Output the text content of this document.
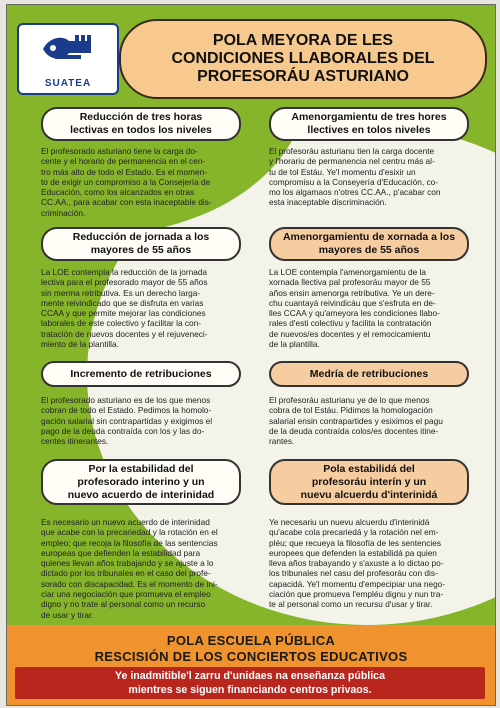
SUATEA
POLA MEYORA DE LES
CONDICIONES LLABORALES DEL
PROFESORÁU ASTURIANO
Reducción de tres horas
lectivas en todos los niveles
Amenorgamientu de tres hores
llectives en tolos niveles
El profesorado asturiano tiene la carga do-
cente y el horario de permanencia en el cen-
tro más alto de todo el Estado. Es el momen-
to de exigir un compromiso a la Consejería de
Educación, como los alcanzados en otras
CC.AA., para acabar con esta inaceptable dis-
criminación.
El profesoráu asturianu tien la carga docente
y l'horariu de permanencia nel centru más al-
tu de tol Estáu. Ye'l momentu d'esixir un
compromisu a la Conseyería d'Educación, co-
mo los algamaos n'otres CC.AA., p'acabar con
esta inaceptable discriminación.
Reducción de jornada a los
mayores de 55 años
Amenorgamientu de xornada a los
mayores de 55 años
La LOE contempla la reducción de la jornada
lectiva para el profesorado mayor de 55 años
sin merma retributiva. Es un derecho larga-
mente reivindicado que se disfruta en varias
CCAA y que permite mejorar las condiciones
laborales de este colectivo y facilitar la con-
tratación de nuevos docentes y el rejuveneci-
miento de la plantilla.
La LOE contempla l'amenorgamientu de la
xornada llectiva pal profesoráu mayor de 55
años ensin amenorga retributiva. Ye un dere-
chu cuantayá reivindicáu que s'esfruta en de-
lles CCAA y qu'ameyora les condiciones llabo-
rales d'esti colectivu y facilita la contratación
de nuevos/es docentes y el remocicamientu
de la plantilla.
Incremento de retribuciones	Medría de retribuciones
El profesorado asturiano es de los que menos
cobran de todo el Estado. Pedimos la homolo-
gación salarial sin contrapartidas y exigimos el
pago de la deuda contraída con los y las do-
centes itinerantes.
El profesoráu asturianu ye de lo que menos
cobra de tol Estáu. Pidimos la homologación
salarial ensin contrapartides y esiximos el pagu
de la deuda contraída colos/es docentes itine-
rantes.
Por la estabilidad del
profesorado interino y un
nuevo acuerdo de interinidad
Pola estabilidá del
profesoráu interín y un
nuevu alcuerdu d'interinidá
Es necesario un nuevo acuerdo de interinidad
que acabe con la precariedad y la rotación en el
empleo; que recoja la filosofía de las sentencias
europeas que defienden la estabilidad para
quienes llevan años trabajando y se ajuste a lo
dictado por los tribunales en el caso del profe-
sorado con discapacidad. Es el momento de ini-
ciar una negociación que promueva el empleo
digno y no trate al personal como un recurso
de usar y tirar.
Ye necesariu un nuevu alcuerdu d'interinidá
qu'acabe cola precariedá y la rotación nel em-
pléu; que recueya la filosofía de les sentencies
europees que defenden la estabilidá pa quien
lleva años trabayando y s'axuste a lo dictao po-
los tribunales nel casu del profesoráu con dis-
capacidá. Ye'l momentu d'empecipiar una nego-
ciación que promueva l'empléu dignu y nun tra-
te al personal como un recursu d'usar y tirar.
POLA ESCUELA PÚBLICA
RESCISIÓN DE LOS CONCIERTOS EDUCATIVOS
Ye inadmitible'l zarru d'unidaes na enseñanza pública
mientres se siguen financiando centros privaos.
